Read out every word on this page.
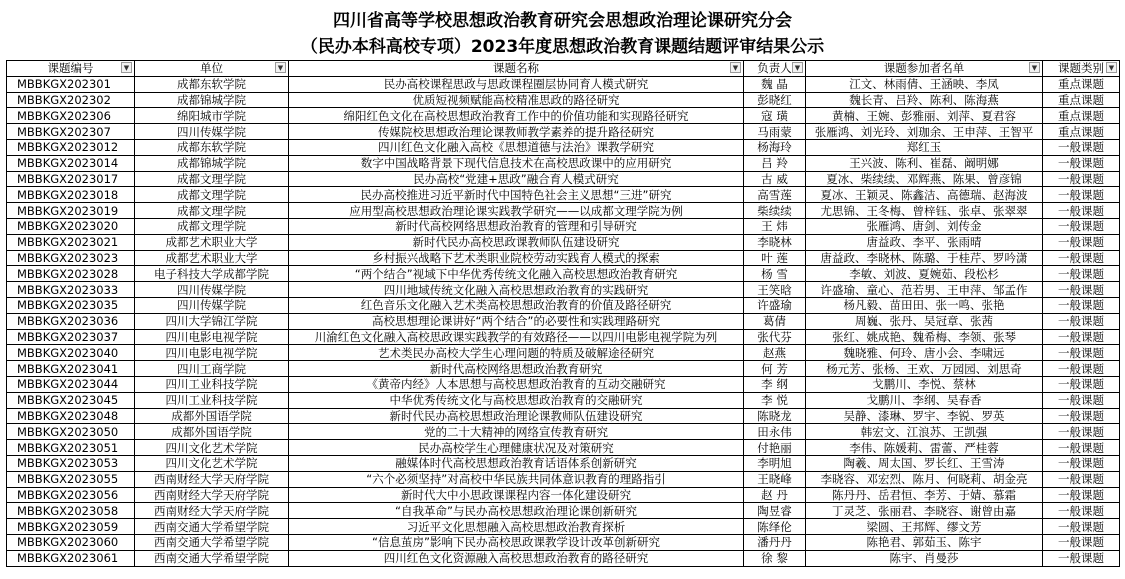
四川省高等学校思想政治教育研究会思想政治理论课研究分会
（民办本科高校专项）2023年度思想政治教育课题结题评审结果公示
课题编号 ▼	单位 ▼	课题名称 ▼	负责人 ▼	课题参加者名单 ▼	课题类别 ▼

MBBKGX202301	成都东软学院	民办高校课程思政与思政课程圈层协同育人模式研究	魏 晶	江文、林雨倩、王涵映、李凤	重点课题
MBBKGX202302	成都锦城学院	优质短视频赋能高校精准思政的路径研究	彭晓红	魏长青、吕羚、陈利、陈海燕	重点课题
MBBKGX202306	绵阳城市学院	绵阳红色文化在高校思想政治教育工作中的价值功能和实现路径研究	寇 璜	黄楠、王婉、彭雅丽、刘萍、夏君容	重点课题
MBBKGX202307	四川传媒学院	传媒院校思想政治理论课教师教学素养的提升路径研究	马雨蒙	张雁鸿、刘光玲、刘珈余、王申萍、王智平	重点课题
MBBKGX2023012	成都东软学院	四川红色文化融入高校《思想道德与法治》课教学研究	杨海玲	郑红玉	一般课题
MBBKGX2023014	成都锦城学院	数字中国战略背景下现代信息技术在高校思政课中的应用研究	吕 羚	王兴波、陈利、崔磊、阚明娜	一般课题
MBBKGX2023017	成都文理学院	民办高校“党建+思政”融合育人模式研究	古 威	夏冰、柴续续、邓辉燕、陈果、曾彦锦	一般课题
MBBKGX2023018	成都文理学院	民办高校推进习近平新时代中国特色社会主义思想“三进”研究	高雪莲	夏冰、王颖灵、陈鑫洁、高德瑞、赵海波	一般课题
MBBKGX2023019	成都文理学院	应用型高校思想政治理论课实践教学研究——以成都文理学院为例	柴续续	尤思锦、王冬梅、曾梓钰、张卓、张翠翠	一般课题
MBBKGX2023020	成都文理学院	新时代高校网络思想政治教育的管理和引导研究	王 炜	张雁鸿、唐剑、刘传金	一般课题
MBBKGX2023021	成都艺术职业大学	新时代民办高校思政课教师队伍建设研究	李晓林	唐益政、李平、张雨晴	一般课题
MBBKGX2023023	成都艺术职业大学	乡村振兴战略下艺术类职业院校劳动实践育人模式的探索	叶 莲	唐益政、李晓林、陈璐、于桂芹、罗吟潇	一般课题
MBBKGX2023028	电子科技大学成都学院	“两个结合”视域下中华优秀传统文化融入高校思想政治教育研究	杨 雪	李敏、刘波、夏婉茹、段松杉	一般课题
MBBKGX2023033	四川传媒学院	四川地域传统文化融入高校思想政治教育的实践研究	王笑晗	许盛瑜、童心、范若男、王申萍、邹孟作	一般课题
MBBKGX2023035	四川传媒学院	红色音乐文化融入艺术类高校思想政治教育的价值及路径研究	许盛瑜	杨凡毅、苗田田、张一鸣、张艳	一般课题
MBBKGX2023036	四川大学锦江学院	高校思想理论课讲好“两个结合”的必要性和实践理路研究	葛倩	周巍、张丹、吴冠章、张茜	一般课题
MBBKGX2023037	四川电影电视学院	川渝红色文化融入高校思政课实践教学的有效路径——以四川电影电视学院为列	张代芬	张红、姚成艳、魏希梅、李领、张琴	一般课题
MBBKGX2023040	四川电影电视学院	艺术类民办高校大学生心理问题的特质及破解途径研究	赵燕	魏晓雅、何玲、唐小会、李啸远	一般课题
MBBKGX2023041	四川工商学院	新时代高校网络思想政治教育研究	何 芳	杨元芳、张杨、王欢、万园园、刘思奇	一般课题
MBBKGX2023044	四川工业科技学院	《黄帝内经》人本思想与高校思想政治教育的互动交融研究	李 纲	戈鹏川、李悦、蔡林	一般课题
MBBKGX2023045	四川工业科技学院	中华优秀传统文化与高校思想政治教育的交融研究	李 悦	戈鹏川、李纲、吴春香	一般课题
MBBKGX2023048	成都外国语学院	新时代民办高校思想政治理论课教师队伍建设研究	陈晓龙	吴静、漆琳、罗宇、李锐、罗英	一般课题
MBBKGX2023050	成都外国语学院	党的二十大精神的网络宣传教育研究	田永伟	韩宏文、江浪苏、王凯强	一般课题
MBBKGX2023051	四川文化艺术学院	民办高校学生心理健康状况及对策研究	付艳丽	李伟、陈媛莉、雷蕾、严桂蓉	一般课题
MBBKGX2023053	四川文化艺术学院	融媒体时代高校思想政治教育话语体系创新研究	李明旭	陶羲、周太国、罗长红、王雪涛	一般课题
MBBKGX2023055	西南财经大学天府学院	“六个必须坚持”对高校中华民族共同体意识教育的理路指引	王晓峰	李晓容、邓宏烈、陈月、何晓莉、胡金亮	一般课题
MBBKGX2023056	西南财经大学天府学院	新时代大中小思政课课程内容一体化建设研究	赵 丹	陈丹丹、岳君恒、李芳、于婧、慕霜	一般课题
MBBKGX2023058	西南财经大学天府学院	“自我革命”与民办高校思想政治理论课创新研究	陶昱睿	丁灵芝、张丽君、李晓容、谢曾由嘉	一般课题
MBBKGX2023059	西南交通大学希望学院	习近平文化思想融入高校思想政治教育探析	陈绎伦	梁圆、王邦辉、缪文芳	一般课题
MBBKGX2023060	西南交通大学希望学院	“信息茧房”影响下民办高校思政课教学设计改革创新研究	潘丹丹	陈艳君、郭茹玉、陈宇	一般课题
MBBKGX2023061	西南交通大学希望学院	四川红色文化资源融入高校思想政治教育的路径研究	徐 黎	陈宇、肖曼莎	一般课题
